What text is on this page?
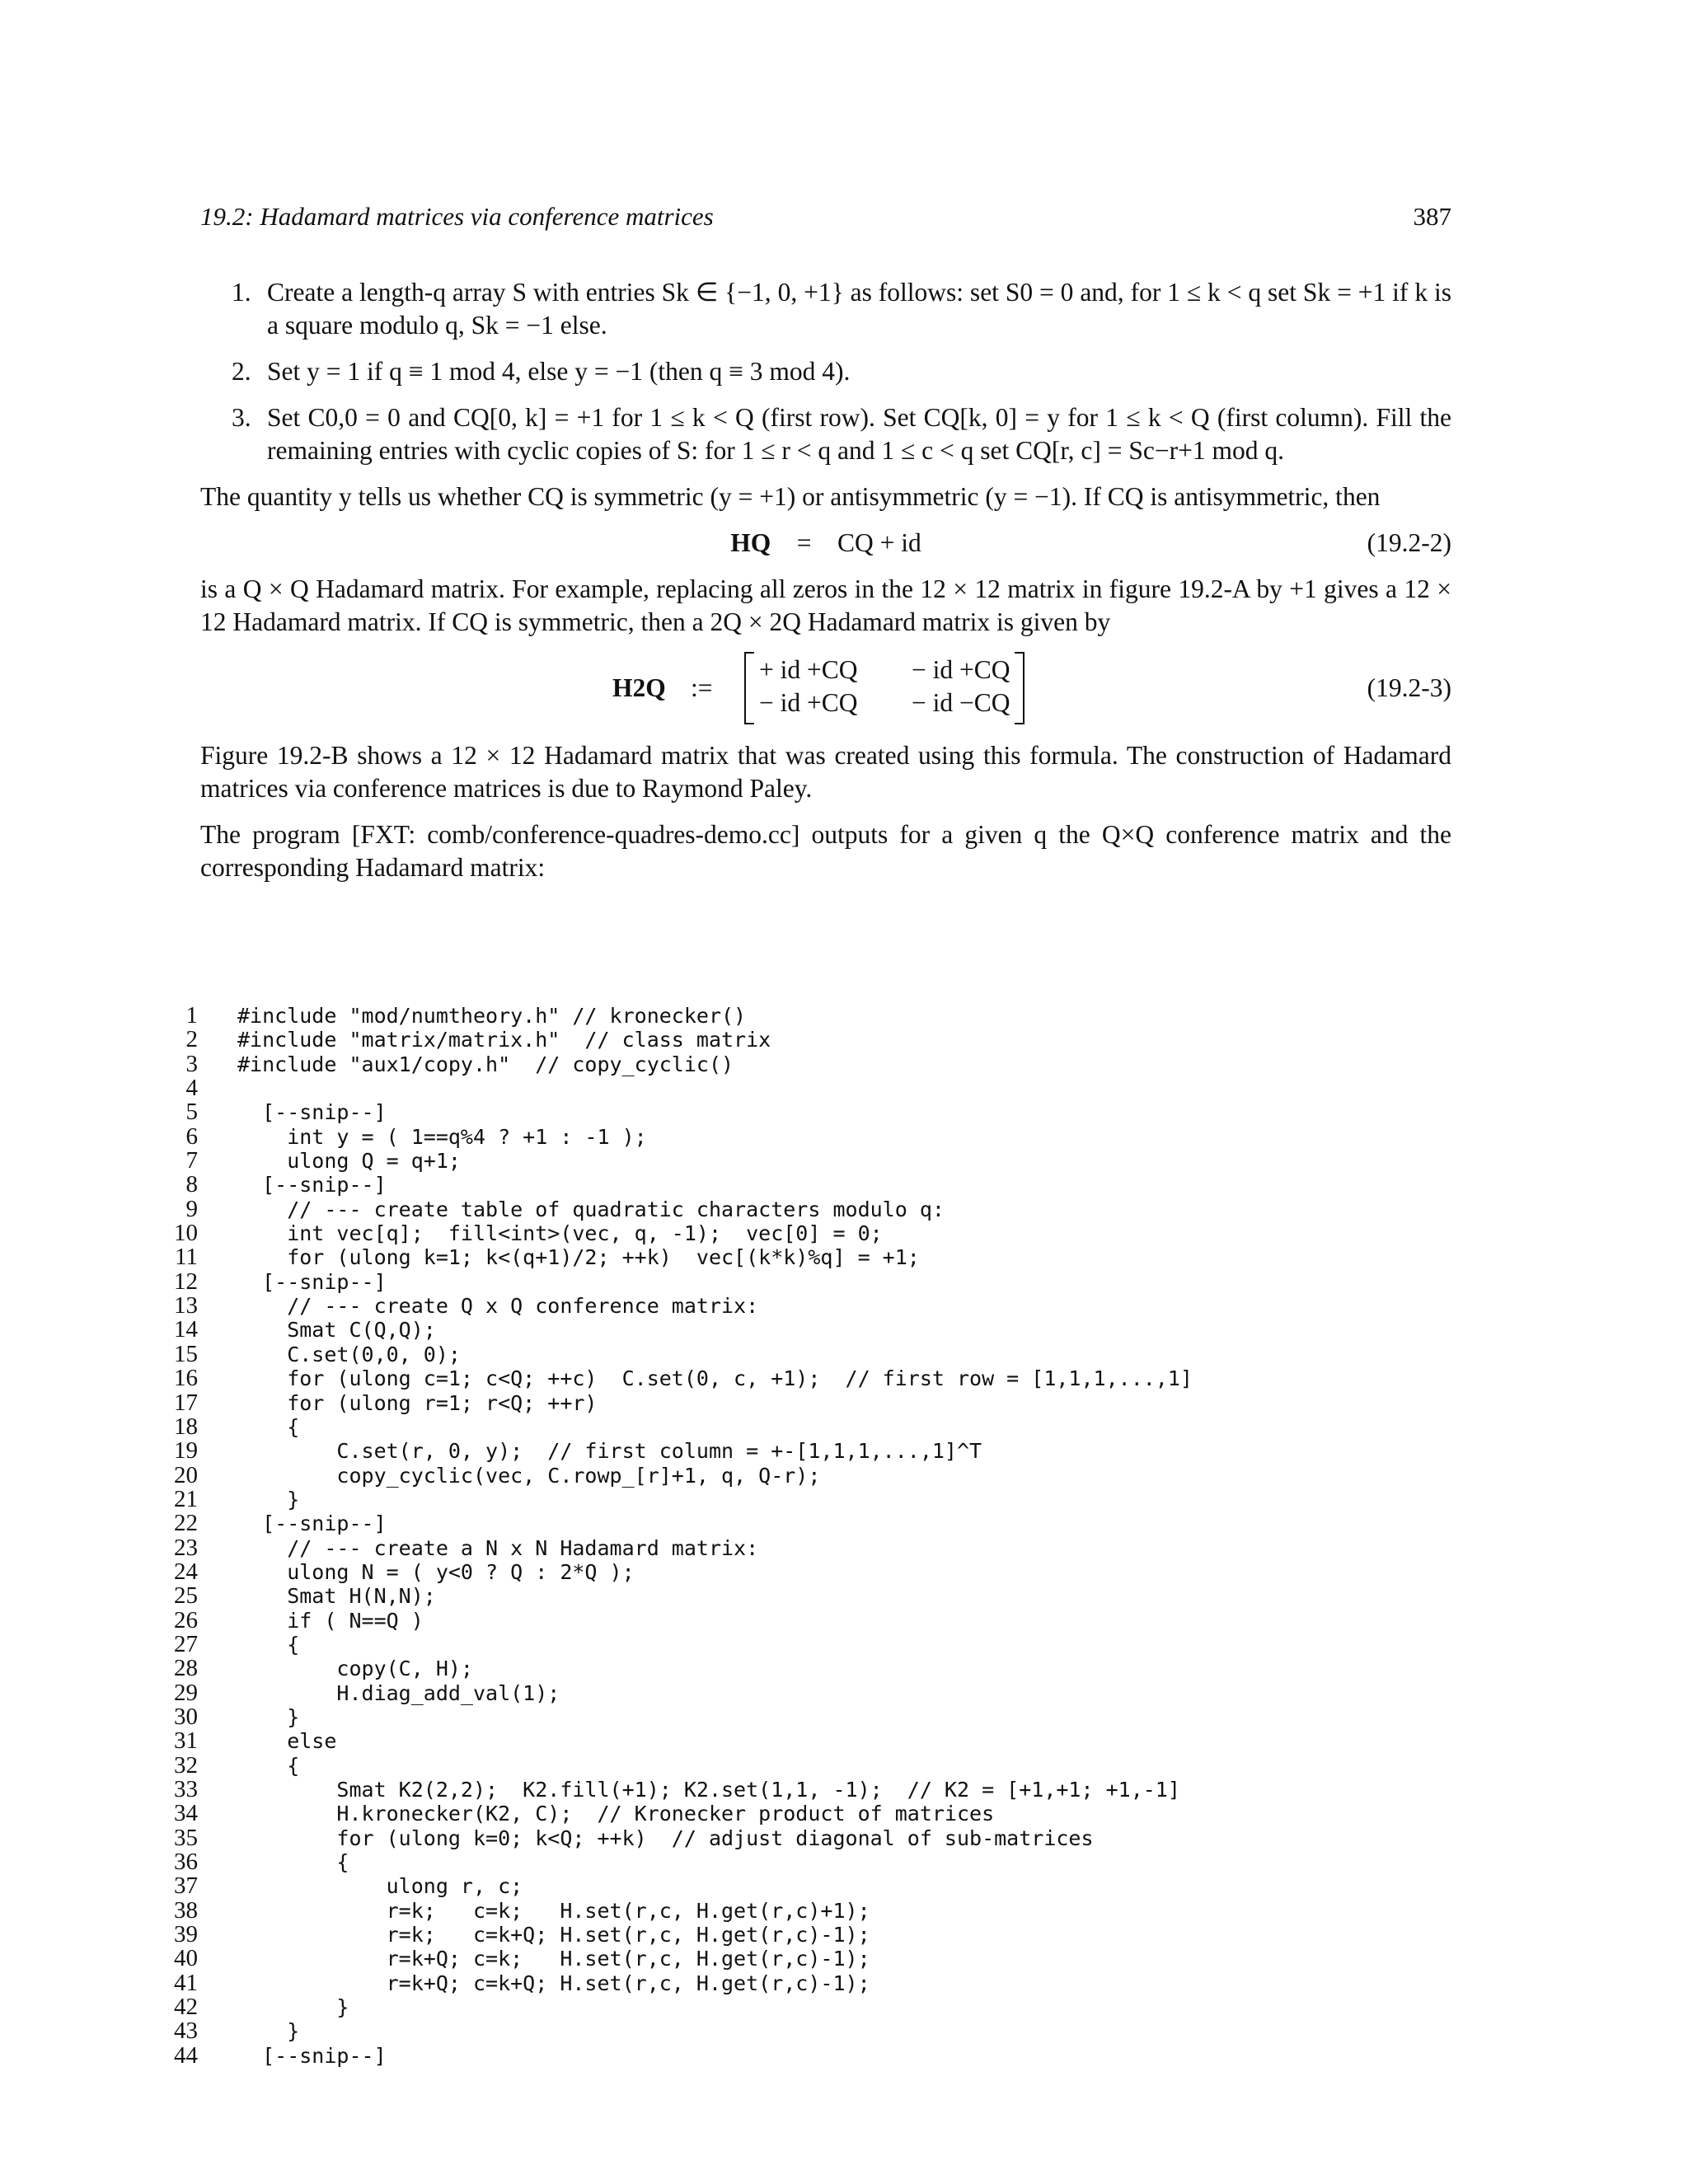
19.2: Hadamard matrices via conference matrices	387
1. Create a length-q array S with entries Sk ∈ {−1, 0, +1} as follows: set S0 = 0 and, for 1 ≤ k < q set Sk = +1 if k is a square modulo q, Sk = −1 else.
2. Set y = 1 if q ≡ 1 mod 4, else y = −1 (then q ≡ 3 mod 4).
3. Set C0,0 = 0 and CQ[0, k] = +1 for 1 ≤ k < Q (first row). Set CQ[k, 0] = y for 1 ≤ k < Q (first column). Fill the remaining entries with cyclic copies of S: for 1 ≤ r < q and 1 ≤ c < q set CQ[r, c] = Sc−r+1 mod q.

The quantity y tells us whether CQ is symmetric (y = +1) or antisymmetric (y = −1). If CQ is antisymmetric, then

HQ = CQ + id	(19.2-2)

is a Q × Q Hadamard matrix. For example, replacing all zeros in the 12 × 12 matrix in figure 19.2-A by +1 gives a 12 × 12 Hadamard matrix. If CQ is symmetric, then a 2Q × 2Q Hadamard matrix is given by

H2Q :=
+ id +CQ − id +CQ
− id +CQ − id −CQ
(19.2-3)

Figure 19.2-B shows a 12 × 12 Hadamard matrix that was created using this formula. The construction of Hadamard matrices via conference matrices is due to Raymond Paley.

The program [FXT: comb/conference-quadres-demo.cc] outputs for a given q the Q×Q conference matrix and the corresponding Hadamard matrix:

1 #include "mod/numtheory.h" // kronecker()
2 #include "matrix/matrix.h"  // class matrix
3 #include "aux1/copy.h"  // copy_cyclic()
4
5  [--snip--]
6    int y = ( 1==q%4 ? +1 : -1 );
7    ulong Q = q+1;
8  [--snip--]
9    // --- create table of quadratic characters modulo q:
10    int vec[q];  fill<int>(vec, q, -1);  vec[0] = 0;
11    for (ulong k=1; k<(q+1)/2; ++k)  vec[(k*k)%q] = +1;
12  [--snip--]
13    // --- create Q x Q conference matrix:
14    Smat C(Q,Q);
15    C.set(0,0, 0);
16    for (ulong c=1; c<Q; ++c)  C.set(0, c, +1);  // first row = [1,1,1,...,1]
17    for (ulong r=1; r<Q; ++r)
18    {
19        C.set(r, 0, y);  // first column = +-[1,1,1,...,1]^T
20        copy_cyclic(vec, C.rowp_[r]+1, q, Q-r);
21    }
22  [--snip--]
23    // --- create a N x N Hadamard matrix:
24    ulong N = ( y<0 ? Q : 2*Q );
25    Smat H(N,N);
26    if ( N==Q )
27    {
28        copy(C, H);
29        H.diag_add_val(1);
30    }
31    else
32    {
33        Smat K2(2,2);  K2.fill(+1); K2.set(1,1, -1);  // K2 = [+1,+1; +1,-1]
34        H.kronecker(K2, C);  // Kronecker product of matrices
35        for (ulong k=0; k<Q; ++k)  // adjust diagonal of sub-matrices
36        {
37            ulong r, c;
38            r=k;   c=k;   H.set(r,c, H.get(r,c)+1);
39            r=k;   c=k+Q; H.set(r,c, H.get(r,c)-1);
40            r=k+Q; c=k;   H.set(r,c, H.get(r,c)-1);
41            r=k+Q; c=k+Q; H.set(r,c, H.get(r,c)-1);
42        }
43    }
44  [--snip--]
